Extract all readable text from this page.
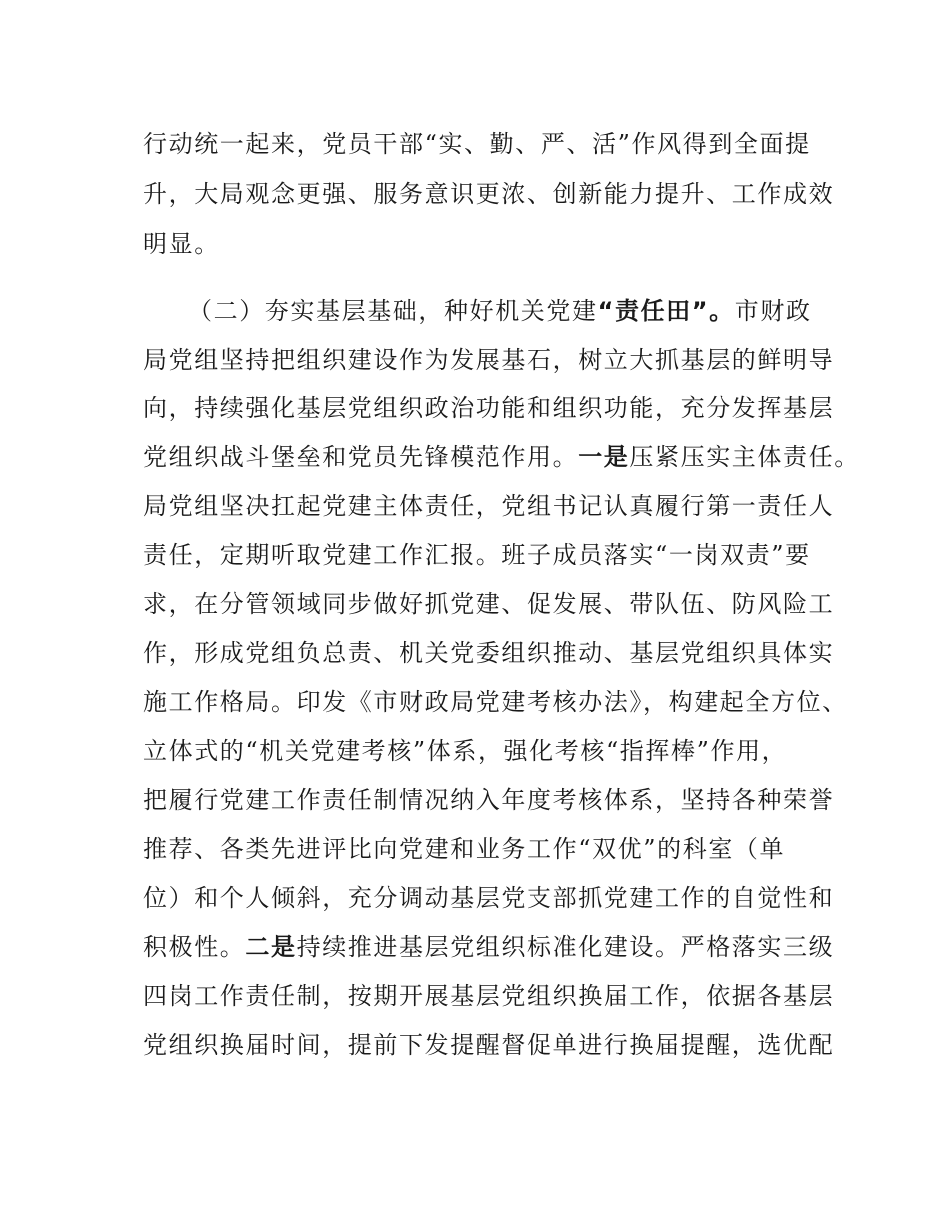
行动统一起来，党员干部“实、勤、严、活”作风得到全面提
升，大局观念更强、服务意识更浓、创新能力提升、工作成效
明显。
（二）夯实基层基础，种好机关党建“责任田”。市财政
局党组坚持把组织建设作为发展基石，树立大抓基层的鲜明导
向，持续强化基层党组织政治功能和组织功能，充分发挥基层
党组织战斗堡垒和党员先锋模范作用。一是压紧压实主体责任。
局党组坚决扛起党建主体责任，党组书记认真履行第一责任人
责任，定期听取党建工作汇报。班子成员落实“一岗双责”要
求，在分管领域同步做好抓党建、促发展、带队伍、防风险工
作，形成党组负总责、机关党委组织推动、基层党组织具体实
施工作格局。印发《市财政局党建考核办法》，构建起全方位、
立体式的“机关党建考核”体系，强化考核“指挥棒”作用，
把履行党建工作责任制情况纳入年度考核体系，坚持各种荣誉
推荐、各类先进评比向党建和业务工作“双优”的科室（单
位）和个人倾斜，充分调动基层党支部抓党建工作的自觉性和
积极性。二是持续推进基层党组织标准化建设。严格落实三级
四岗工作责任制，按期开展基层党组织换届工作，依据各基层
党组织换届时间，提前下发提醒督促单进行换届提醒，选优配
